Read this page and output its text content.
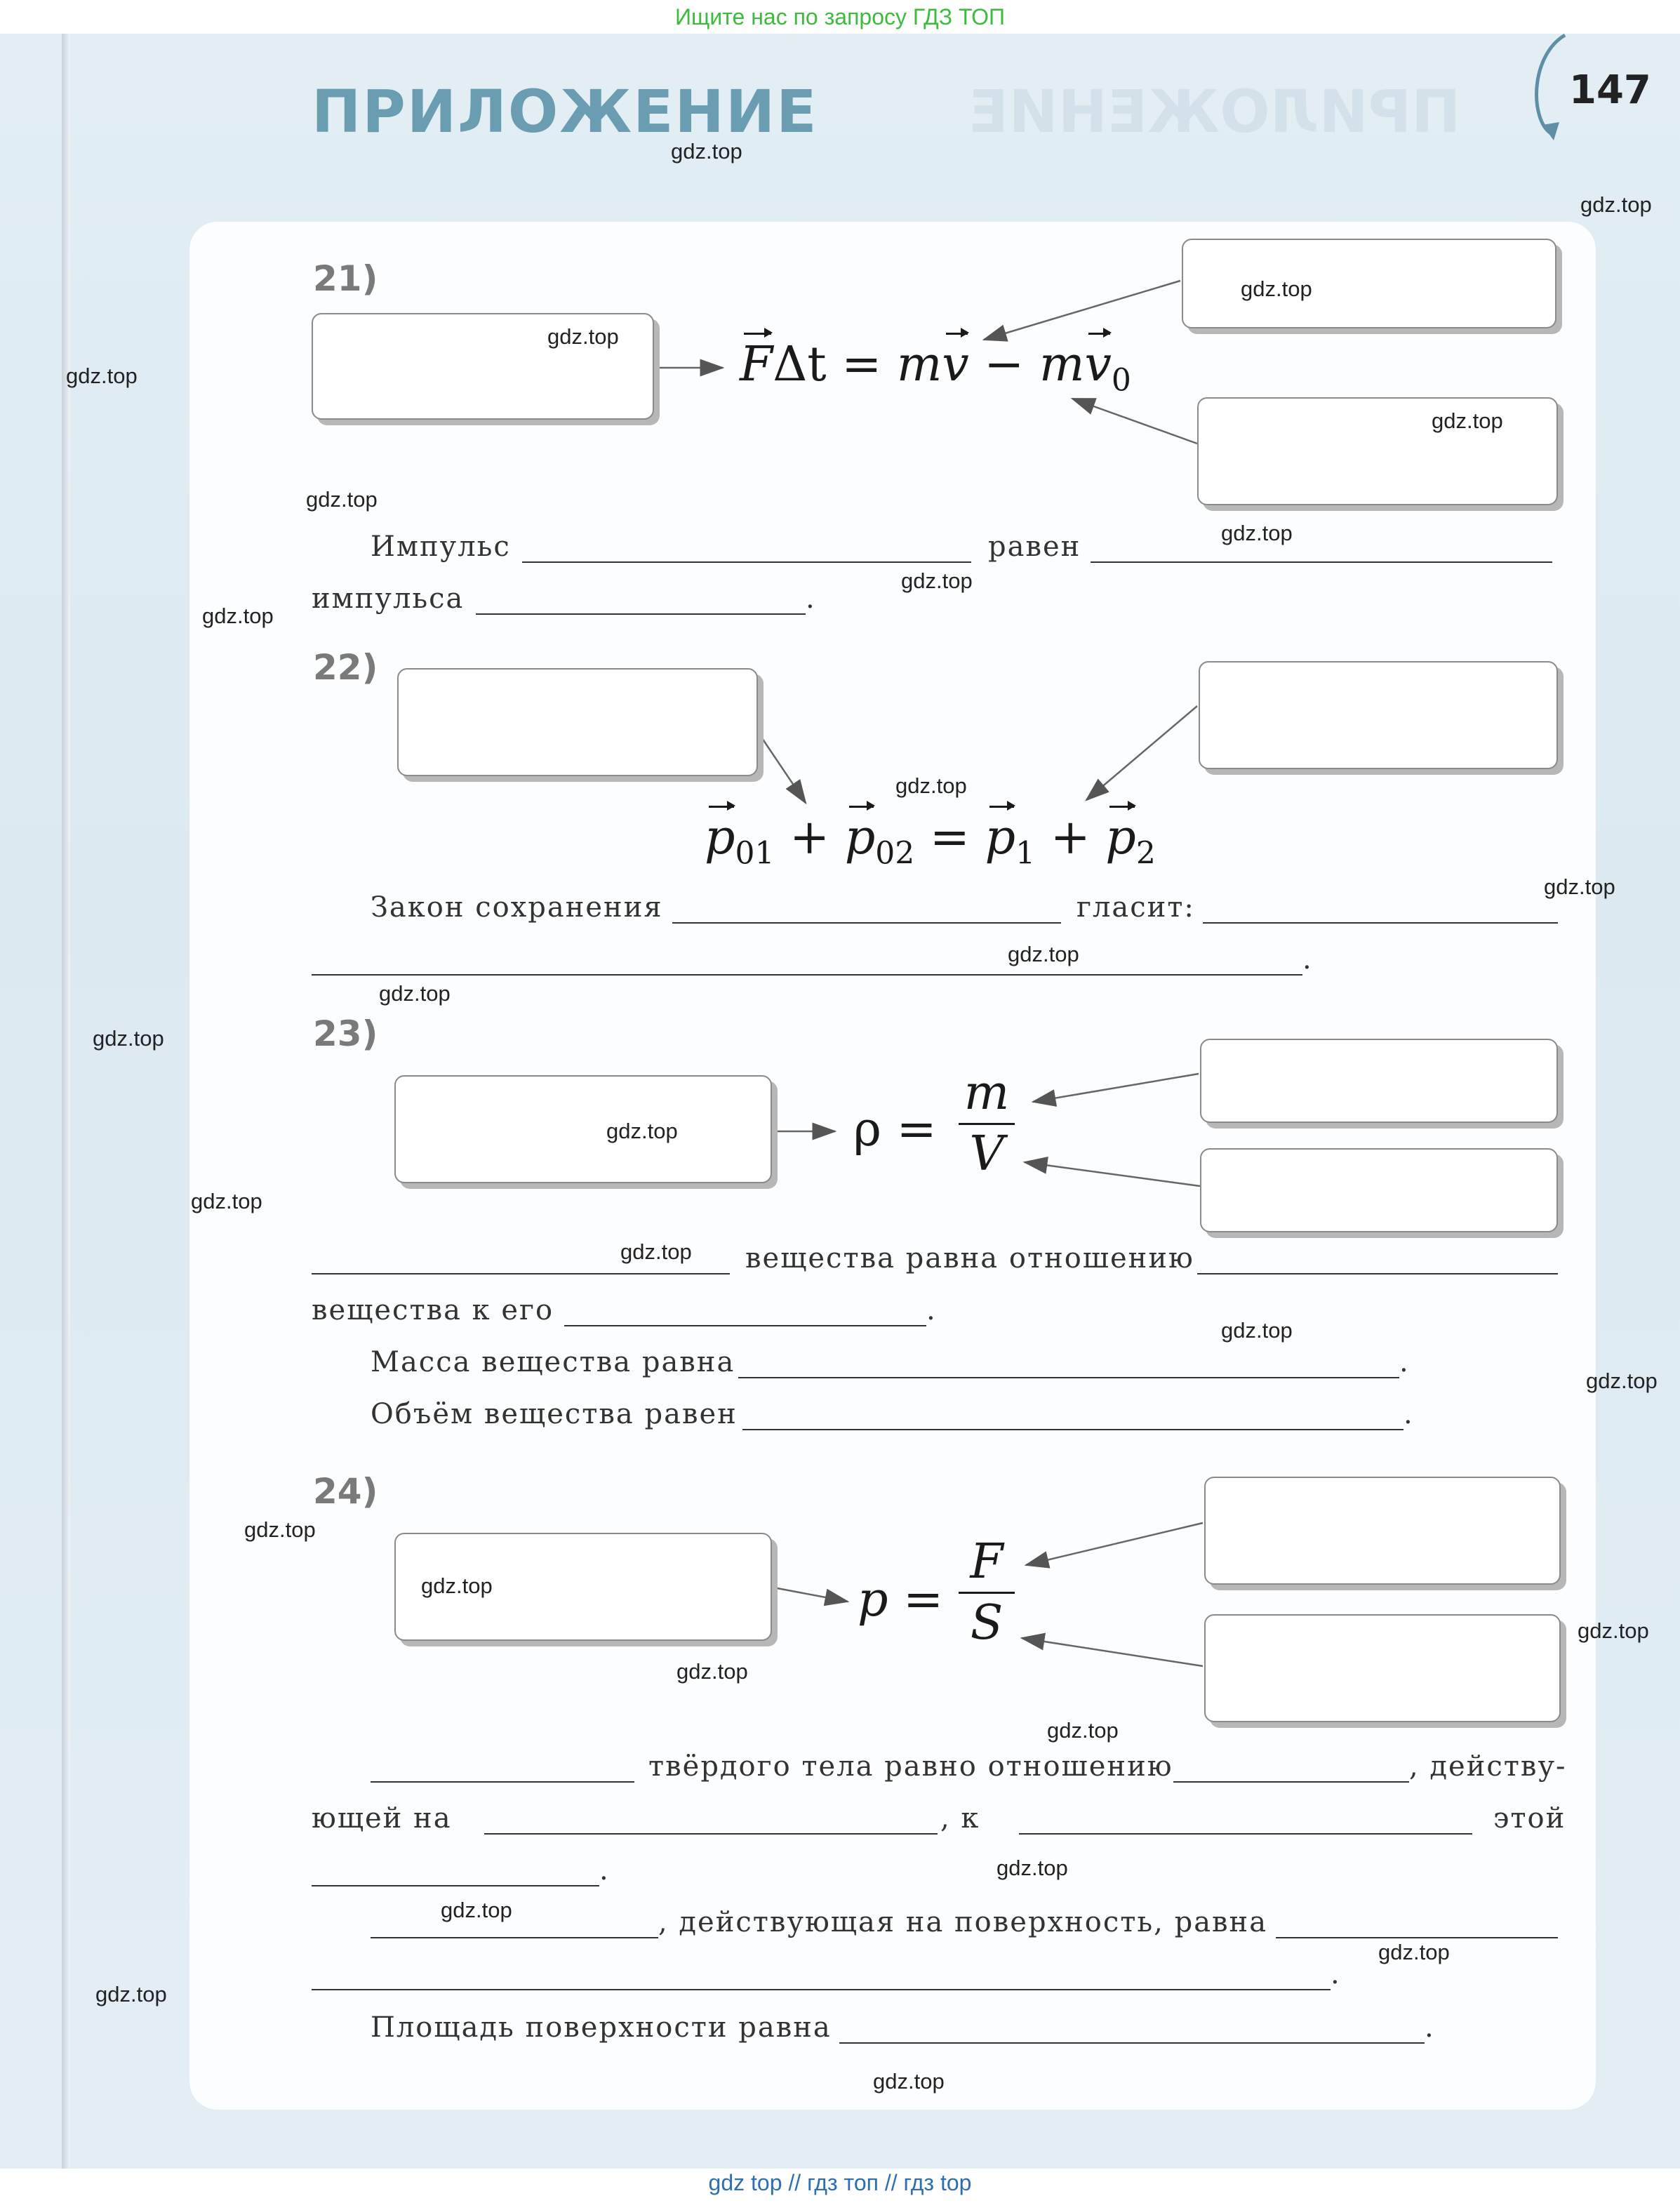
Ищите нас по запросу ГДЗ ТОП
ПРИЛОЖЕНИЕ
ПРИЛОЖЕНИЕ	147
21)
FΔt = mv − $mv_0$
Импульс	равен
импульса	.
22)
$p_{01} + p_{02} = p_1 + p_2$
Закон сохранения	гласит:
.
23)
ρ =
m
V
вещества равна отношению
вещества к его	.
Масса вещества равна	.
Объём вещества равен	.
24)
p =
F
S
твёрдого тела равно отношению	, действу-
ющей на	, к	этой
.
, действующая на поверхность, равна
.
Площадь поверхности равна	.
gdz.top
gdz.top
gdz.top
gdz.top
gdz.top
gdz.top
gdz.top
gdz.top
gdz.top
gdz.top
gdz.top
gdz.top
gdz.top
gdz.top
gdz.top
gdz.top
gdz.top
gdz.top
gdz.top
gdz.top
gdz.top
gdz.top
gdz.top
gdz.top
gdz.top
gdz.top
gdz.top
gdz.top
gdz.top
gdz.top
gdz top // гдз топ // гдз top
